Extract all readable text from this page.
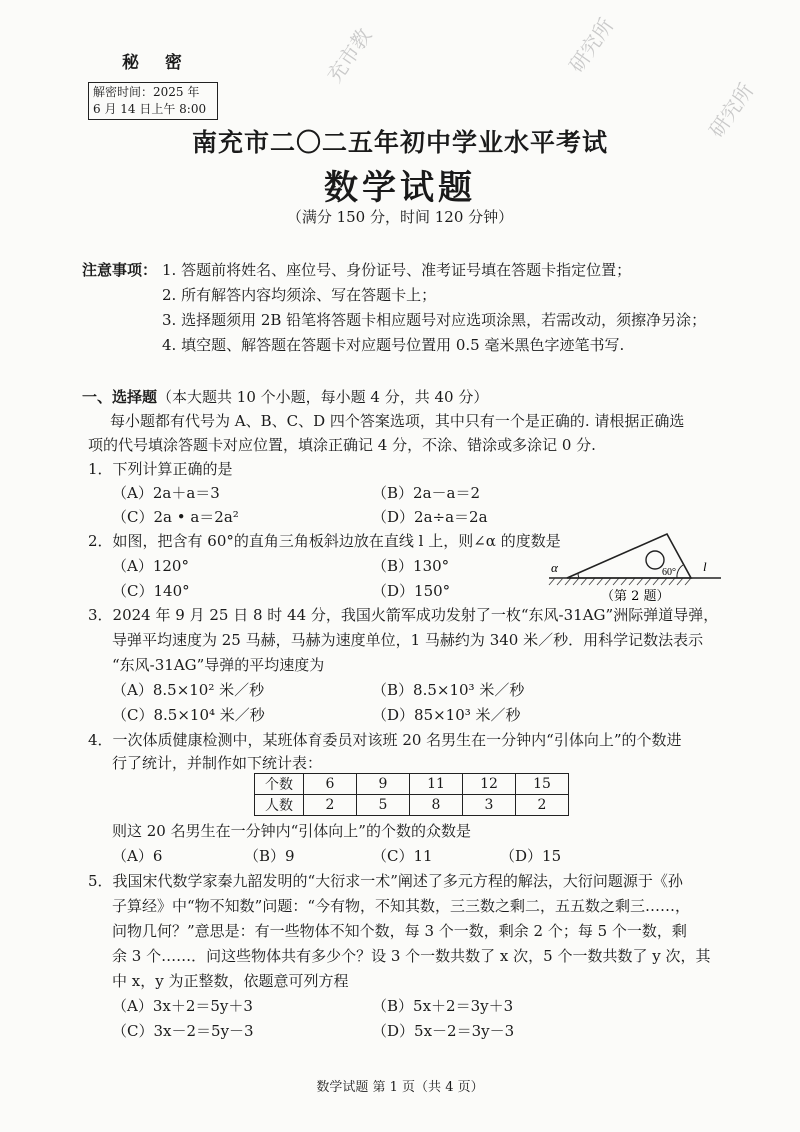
充市教	研究所
研究所
秘 密
解密时间：2025 年
6 月 14 日上午 8:00
南充市二〇二五年初中学业水平考试
数学试题
（满分 150 分，时间 120 分钟）
注意事项： 1. 答题前将姓名、座位号、身份证号、准考证号填在答题卡指定位置；
2. 所有解答内容均须涂、写在答题卡上；
3. 选择题须用 2B 铅笔将答题卡相应题号对应选项涂黑，若需改动，须擦净另涂；
4. 填空题、解答题在答题卡对应题号位置用 0.5 毫米黑色字迹笔书写.
一、选择题（本大题共 10 个小题，每小题 4 分，共 40 分）
每小题都有代号为 A、B、C、D 四个答案选项，其中只有一个是正确的. 请根据正确选
项的代号填涂答题卡对应位置，填涂正确记 4 分，不涂、错涂或多涂记 0 分.
1．下列计算正确的是
（A）2a＋a＝3	（B）2a－a＝2
（C）2a • a＝2a²	（D）2a÷a＝2a
2．如图，把含有 60°的直角三角板斜边放在直线 l 上，则∠α 的度数是
（A）120°	（B）130°
（C）140°	（D）150°
α	60° l
（第 2 题）
3．2024 年 9 月 25 日 8 时 44 分，我国火箭军成功发射了一枚“东风-31AG”洲际弹道导弹，
导弹平均速度为 25 马赫，马赫为速度单位，1 马赫约为 340 米／秒．用科学记数法表示
“东风-31AG”导弹的平均速度为
（A）8.5×10² 米／秒	（B）8.5×10³ 米／秒
（C）8.5×10⁴ 米／秒	（D）85×10³ 米／秒
4．一次体质健康检测中，某班体育委员对该班 20 名男生在一分钟内“引体向上”的个数进
行了统计，并制作如下统计表：
个数	6	9	11	12	15
人数	2	5	8	3	2
则这 20 名男生在一分钟内“引体向上”的个数的众数是
（A）6	（B）9	（C）11	（D）15
5．我国宋代数学家秦九韶发明的“大衍求一术”阐述了多元方程的解法，大衍问题源于《孙
子算经》中“物不知数”问题：“今有物，不知其数，三三数之剩二，五五数之剩三……，
问物几何？”意思是：有一些物体不知个数，每 3 个一数，剩余 2 个；每 5 个一数，剩
余 3 个……．问这些物体共有多少个？设 3 个一数共数了 x 次，5 个一数共数了 y 次，其
中 x，y 为正整数，依题意可列方程
（A）3x＋2＝5y＋3	（B）5x＋2＝3y＋3
（C）3x－2＝5y－3	（D）5x－2＝3y－3
数学试题 第 1 页（共 4 页）
